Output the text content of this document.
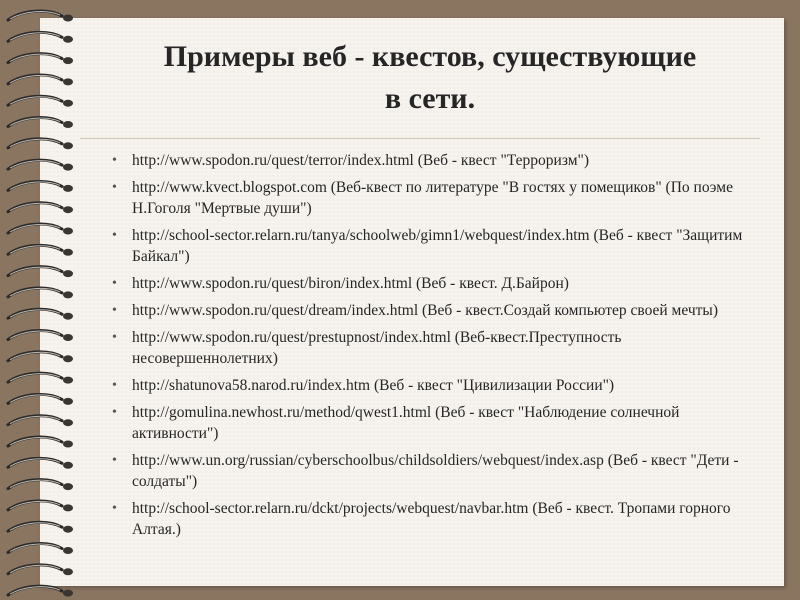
Примеры веб - квестов, существующие
в сети.
• http://www.spodon.ru/quest/terror/index.html (Веб - квест "Терроризм")
• http://www.kvect.blogspot.com (Веб-квест по литературе "В гостях у помещиков" (По поэме Н.Гоголя "Мертвые души")
• http://school-sector.relarn.ru/tanya/schoolweb/gimn1/webquest/index.htm (Веб - квест "Защитим Байкал")
• http://www.spodon.ru/quest/biron/index.html (Веб - квест. Д.Байрон)
• http://www.spodon.ru/quest/dream/index.html (Веб - квест.Создай компьютер своей мечты)
• http://www.spodon.ru/quest/prestupnost/index.html (Веб-квест.Преступность несовершеннолетних)
• http://shatunova58.narod.ru/index.htm (Веб - квест "Цивилизации России")
• http://gomulina.newhost.ru/method/qwest1.html (Веб - квест "Наблюдение солнечной активности")
• http://www.un.org/russian/cyberschoolbus/childsoldiers/webquest/index.asp (Веб - квест "Дети - солдаты")
• http://school-sector.relarn.ru/dckt/projects/webquest/navbar.htm (Веб - квест. Тропами горного Алтая.)
